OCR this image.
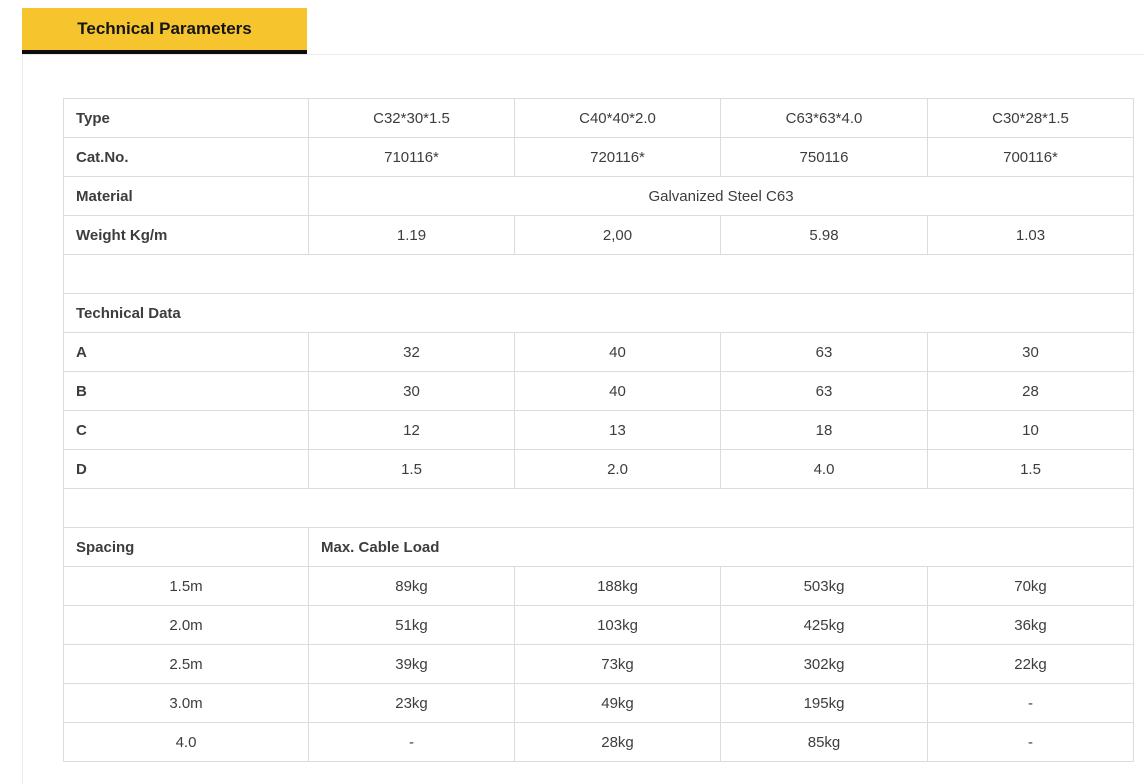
Technical Parameters
Type	C32*30*1.5	C40*40*2.0	C63*63*4.0	C30*28*1.5
Cat.No.	710116*	720116*	750116	700116*
Material	Galvanized Steel C63			
Weight Kg/m	1.19	2,00	5.98	1.03

Technical Data				
A	32	40	63	30
B	30	40	63	28
C	12	13	18	10
D	1.5	2.0	4.0	1.5

Spacing	Max. Cable Load			
1.5m	89kg	188kg	503kg	70kg
2.0m	51kg	103kg	425kg	36kg
2.5m	39kg	73kg	302kg	22kg
3.0m	23kg	49kg	195kg	-
4.0	-	28kg	85kg	-
